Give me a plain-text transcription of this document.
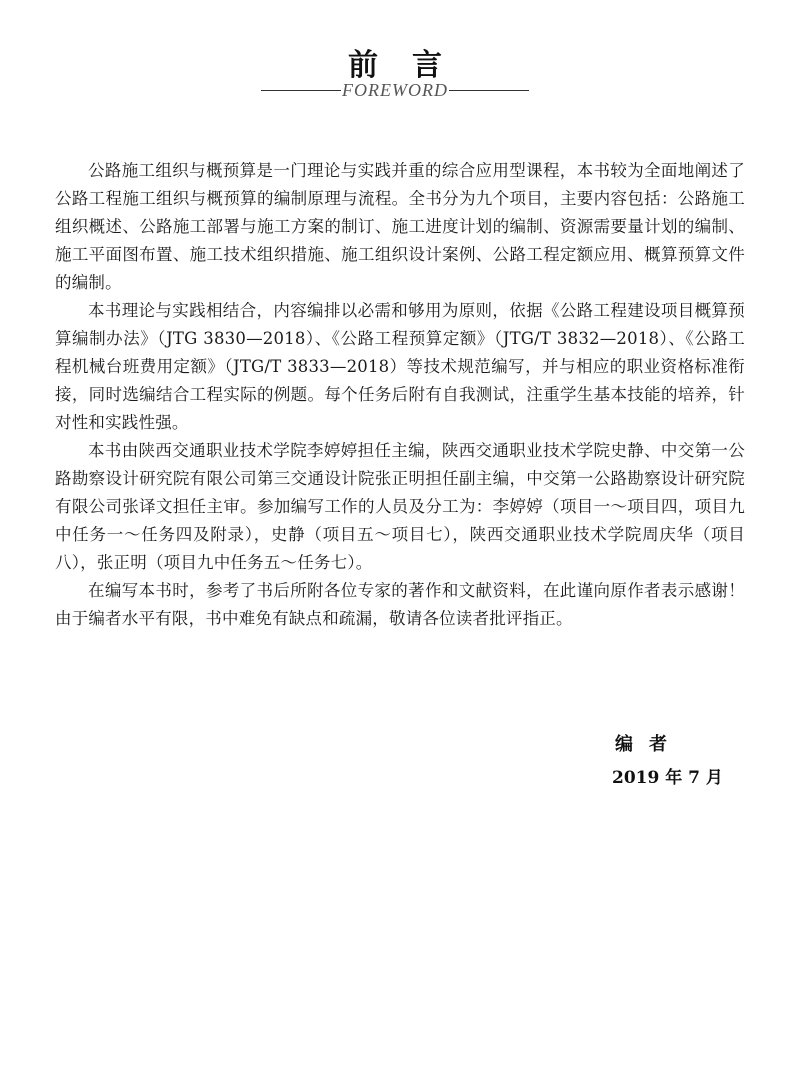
前言
FOREWORD

公路施工组织与概预算是一门理论与实践并重的综合应用型课程，本书较为全面地阐述了公路工程施工组织与概预算的编制原理与流程。全书分为九个项目，主要内容包括：公路施工组织概述、公路施工部署与施工方案的制订、施工进度计划的编制、资源需要量计划的编制、施工平面图布置、施工技术组织措施、施工组织设计案例、公路工程定额应用、概算预算文件的编制。

本书理论与实践相结合，内容编排以必需和够用为原则，依据《公路工程建设项目概算预算编制办法》（JTG 3830—2018）、《公路工程预算定额》（JTG/T 3832—2018）、《公路工程机械台班费用定额》（JTG/T 3833—2018）等技术规范编写，并与相应的职业资格标准衔接，同时选编结合工程实际的例题。每个任务后附有自我测试，注重学生基本技能的培养，针对性和实践性强。

本书由陕西交通职业技术学院李婷婷担任主编，陕西交通职业技术学院史静、中交第一公路勘察设计研究院有限公司第三交通设计院张正明担任副主编，中交第一公路勘察设计研究院有限公司张译文担任主审。参加编写工作的人员及分工为：李婷婷（项目一～项目四，项目九中任务一～任务四及附录），史静（项目五～项目七），陕西交通职业技术学院周庆华（项目八），张正明（项目九中任务五～任务七）。

在编写本书时，参考了书后所附各位专家的著作和文献资料，在此谨向原作者表示感谢！由于编者水平有限，书中难免有缺点和疏漏，敬请各位读者批评指正。

编者
2019 年 7 月
